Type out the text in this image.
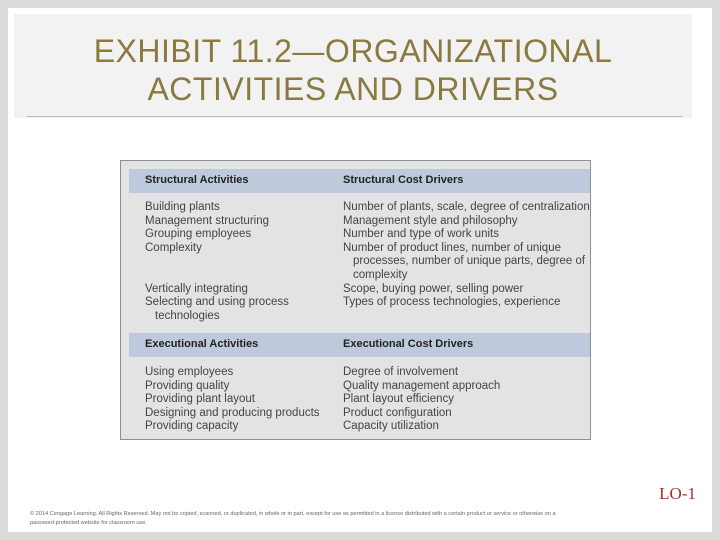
EXHIBIT 11.2—ORGANIZATIONAL
ACTIVITIES AND DRIVERS
Structural Activities	Structural Cost Drivers
Building plants
Management structuring
Grouping employees
Complexity

Vertically integrating
Selecting and using process
technologies
Number of plants, scale, degree of centralization
Management style and philosophy
Number and type of work units
Number of product lines, number of unique
processes, number of unique parts, degree of
complexity
Scope, buying power, selling power
Types of process technologies, experience
Executional Activities	Executional Cost Drivers
Using employees
Providing quality
Providing plant layout
Designing and producing products
Providing capacity
Degree of involvement
Quality management approach
Plant layout efficiency
Product configuration
Capacity utilization
LO-1
© 2014 Cengage Learning. All Rights Reserved. May not be copied, scanned, or duplicated, in whole or in part, except for use as permitted in a license distributed with a certain product or service or otherwise on a
password-protected website for classroom use.
